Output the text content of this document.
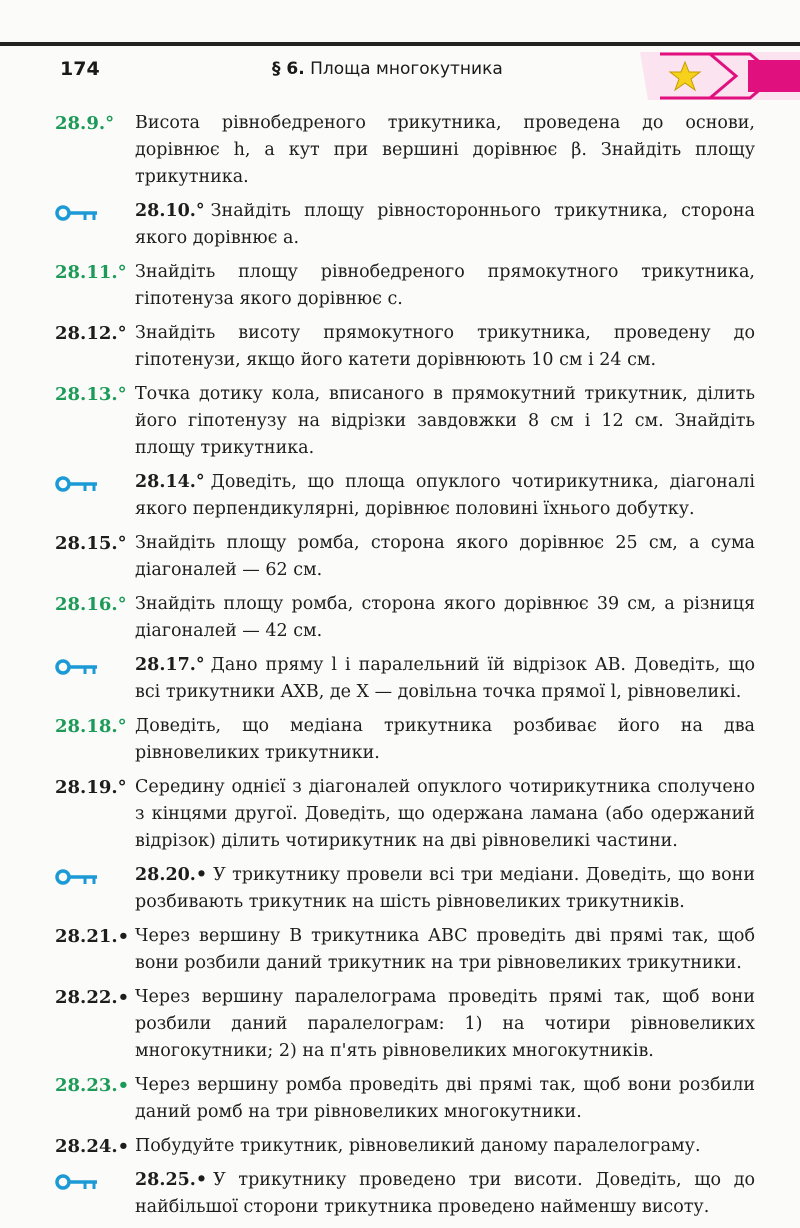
174	§ 6. Площа многокутника
28.9.°	Висота рівнобедреного трикутника, проведена до основи, дорівнює h, а кут при вершині дорівнює β. Знайдіть площу трикутника.
28.10.° Знайдіть площу рівностороннього трикутника, сторона якого дорівнює a.
28.11.° Знайдіть площу рівнобедреного прямокутного трикутника, гіпотенуза якого дорівнює c.
28.12.° Знайдіть висоту прямокутного трикутника, проведену до гіпотенузи, якщо його катети дорівнюють 10 см і 24 см.
28.13.° Точка дотику кола, вписаного в прямокутний трикутник, ділить його гіпотенузу на відрізки завдовжки 8 см і 12 см. Знайдіть площу трикутника.
28.14.° Доведіть, що площа опуклого чотирикутника, діагоналі якого перпендикулярні, дорівнює половині їхнього добутку.
28.15.° Знайдіть площу ромба, сторона якого дорівнює 25 см, а сума діагоналей — 62 см.
28.16.° Знайдіть площу ромба, сторона якого дорівнює 39 см, а різниця діагоналей — 42 см.
28.17.° Дано пряму l і паралельний їй відрізок AB. Доведіть, що всі трикутники AXB, де X — довільна точка прямої l, рівновеликі.
28.18.° Доведіть, що медіана трикутника розбиває його на два рівновеликих трикутники.
28.19.° Середину однієї з діагоналей опуклого чотирикутника сполучено з кінцями другої. Доведіть, що одержана ламана (або одержаний відрізок) ділить чотирикутник на дві рівновеликі частини.
28.20.• У трикутнику провели всі три медіани. Доведіть, що вони розбивають трикутник на шість рівновеликих трикутників.
28.21.• Через вершину B трикутника ABC проведіть дві прямі так, щоб вони розбили даний трикутник на три рівновеликих трикутники.
28.22.• Через вершину паралелограма проведіть прямі так, щоб вони розбили даний паралелограм: 1) на чотири рівновеликих многокутники; 2) на п'ять рівновеликих многокутників.
28.23.• Через вершину ромба проведіть дві прямі так, щоб вони розбили даний ромб на три рівновеликих многокутники.
28.24.• Побудуйте трикутник, рівновеликий даному паралелограму.
28.25.• У трикутнику проведено три висоти. Доведіть, що до найбільшої сторони трикутника проведено найменшу висоту.
